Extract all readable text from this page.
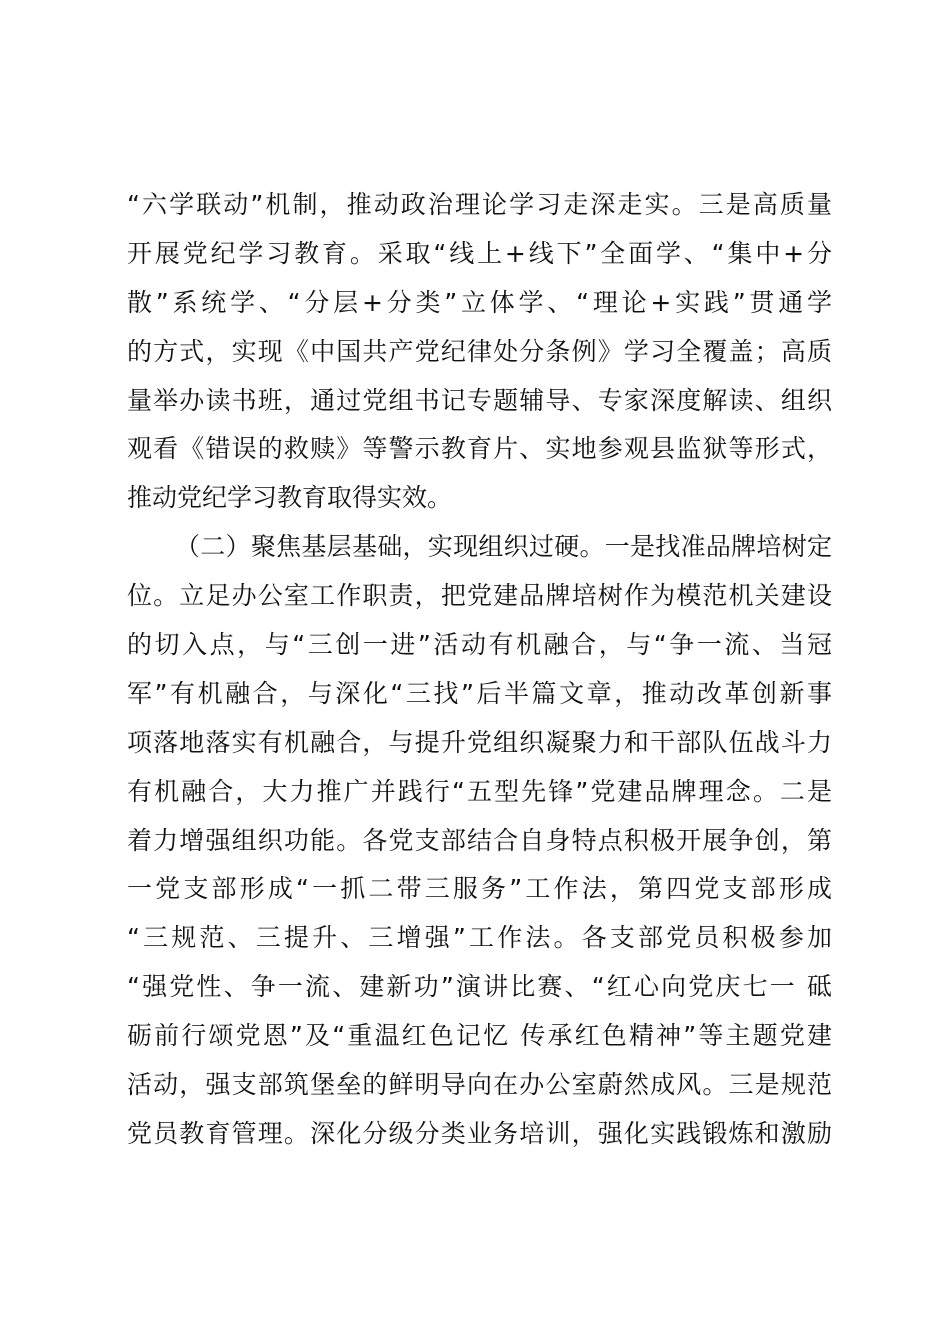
“六学联动”机制，推动政治理论学习走深走实。三是高质量
开展党纪学习教育。采取“线上+线下”全面学、“集中+分
散”系统学、“分层+分类”立体学、“理论+实践”贯通学
的方式，实现《中国共产党纪律处分条例》学习全覆盖；高质
量举办读书班，通过党组书记专题辅导、专家深度解读、组织
观看《错误的救赎》等警示教育片、实地参观县监狱等形式，
推动党纪学习教育取得实效。
（二）聚焦基层基础，实现组织过硬。一是找准品牌培树定
位。立足办公室工作职责，把党建品牌培树作为模范机关建设
的切入点，与“三创一进”活动有机融合，与“争一流、当冠
军”有机融合，与深化“三找”后半篇文章，推动改革创新事
项落地落实有机融合，与提升党组织凝聚力和干部队伍战斗力
有机融合，大力推广并践行“五型先锋”党建品牌理念。二是
着力增强组织功能。各党支部结合自身特点积极开展争创，第
一党支部形成“一抓二带三服务”工作法，第四党支部形成
“三规范、三提升、三增强”工作法。各支部党员积极参加
“强党性、争一流、建新功”演讲比赛、“红心向党庆七一 砥
砺前行颂党恩”及“重温红色记忆 传承红色精神”等主题党建
活动，强支部筑堡垒的鲜明导向在办公室蔚然成风。三是规范
党员教育管理。深化分级分类业务培训，强化实践锻炼和激励
